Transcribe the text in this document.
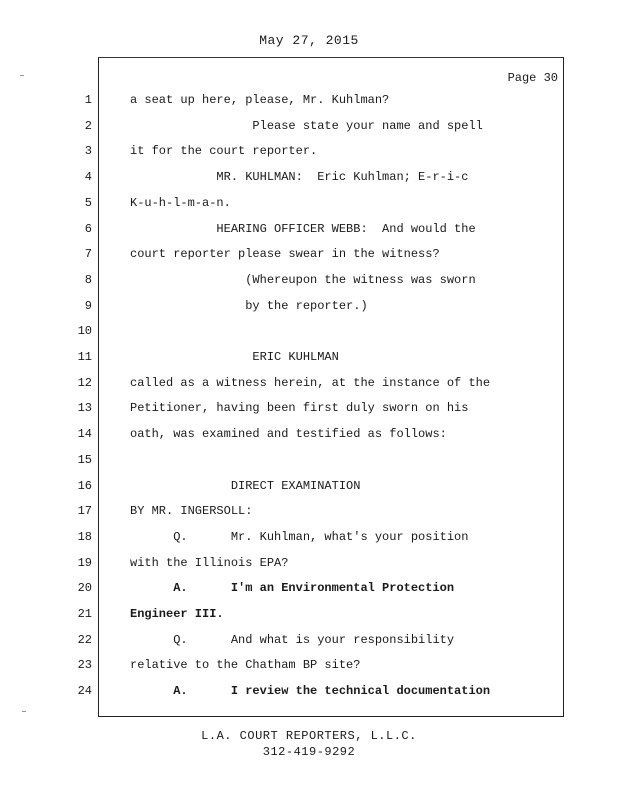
May 27, 2015
Page 30
1	a seat up here, please, Mr. Kuhlman?
2	Please state your name and spell
3	it for the court reporter.
4	MR. KUHLMAN:  Eric Kuhlman; E-r-i-c
5	K-u-h-l-m-a-n.
6	HEARING OFFICER WEBB:  And would the
7	court reporter please swear in the witness?
8	(Whereupon the witness was sworn
9	by the reporter.)
10
11	ERIC KUHLMAN
12	called as a witness herein, at the instance of the
13	Petitioner, having been first duly sworn on his
14	oath, was examined and testified as follows:
15
16	DIRECT EXAMINATION
17	BY MR. INGERSOLL:
18	Q.      Mr. Kuhlman, what's your position
19	with the Illinois EPA?
20	A.      I'm an Environmental Protection
21	Engineer III.
22	Q.      And what is your responsibility
23	relative to the Chatham BP site?
24	A.      I review the technical documentation
L.A. COURT REPORTERS, L.L.C.
312-419-9292
